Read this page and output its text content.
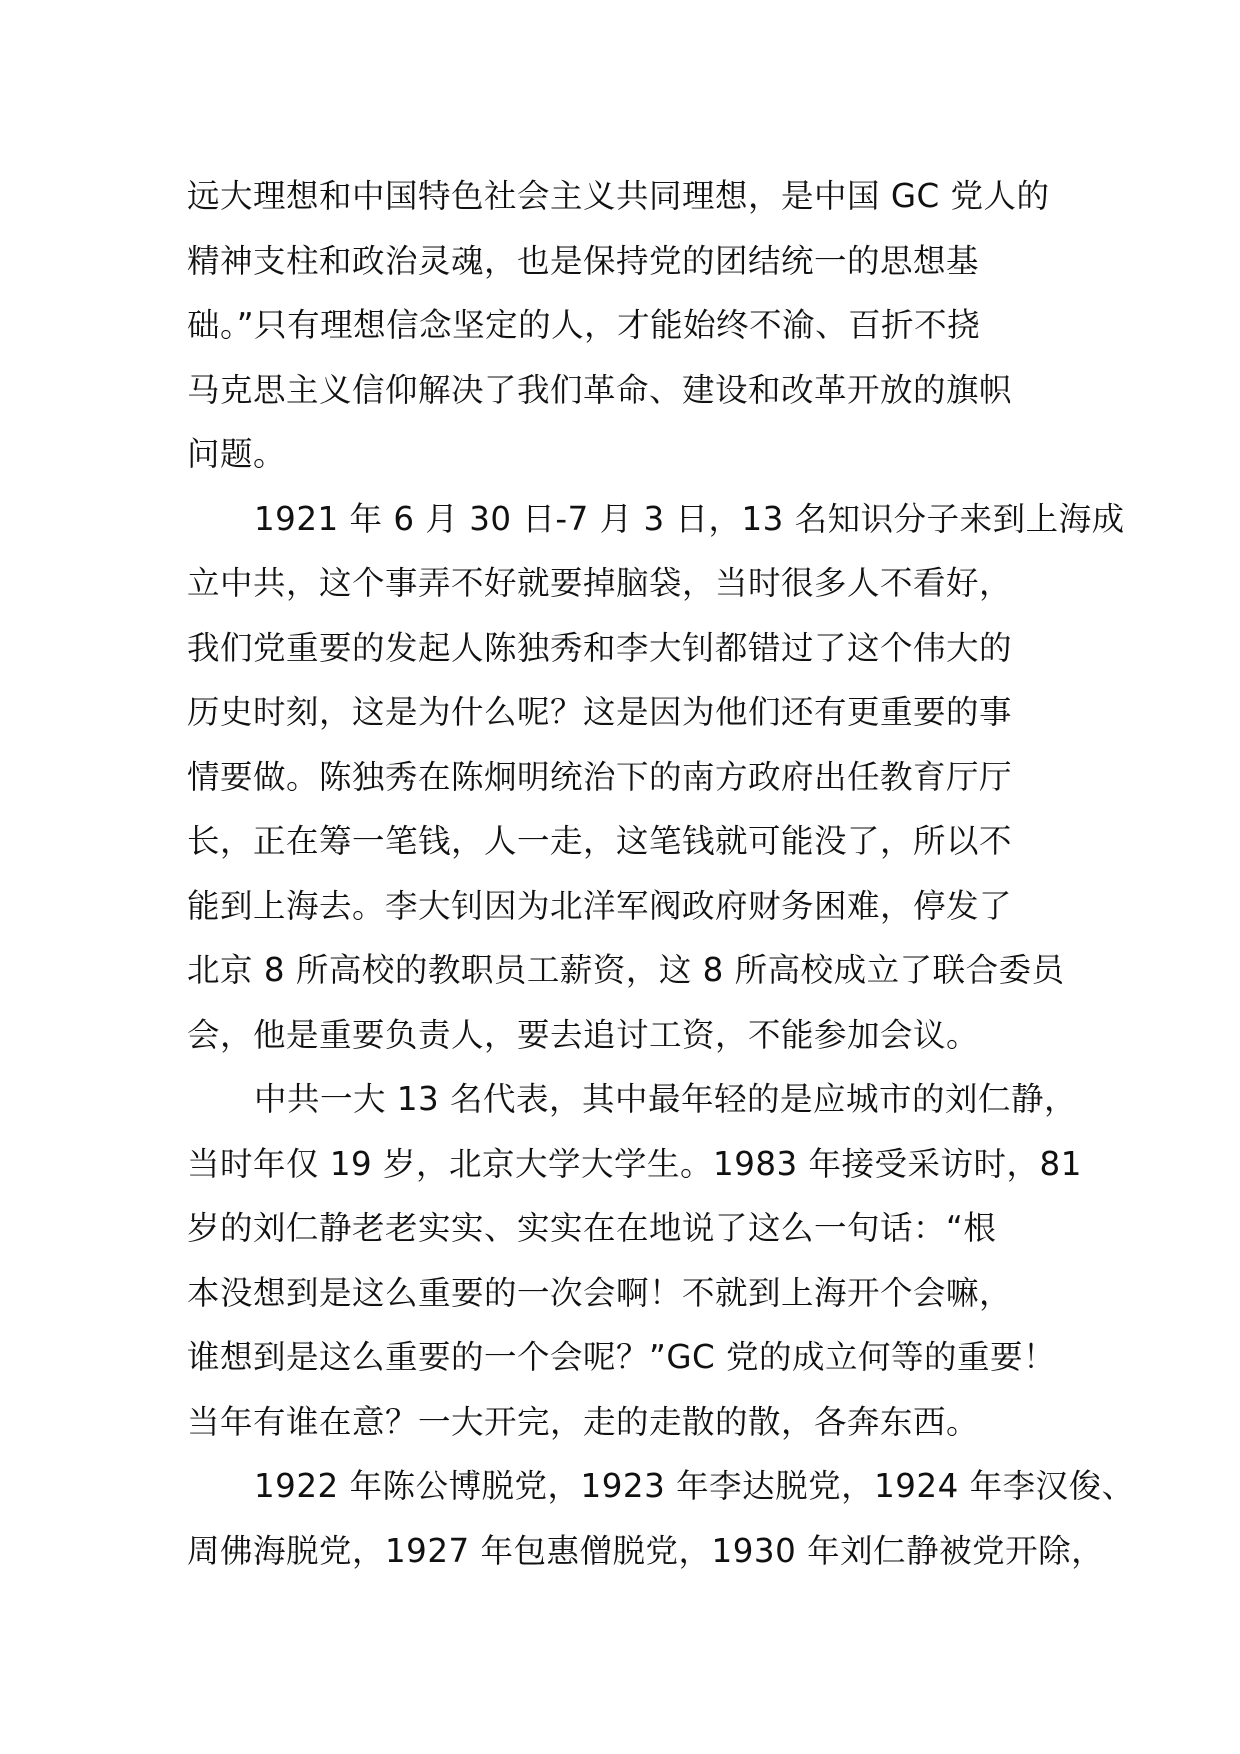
远大理想和中国特色社会主义共同理想，是中国 GC 党人的
精神支柱和政治灵魂，也是保持党的团结统一的思想基
础。”只有理想信念坚定的人，才能始终不渝、百折不挠
马克思主义信仰解决了我们革命、建设和改革开放的旗帜
问题。

1921 年 6 月 30 日-7 月 3 日，13 名知识分子来到上海成
立中共，这个事弄不好就要掉脑袋，当时很多人不看好，
我们党重要的发起人陈独秀和李大钊都错过了这个伟大的
历史时刻，这是为什么呢？这是因为他们还有更重要的事
情要做。陈独秀在陈炯明统治下的南方政府出任教育厅厅
长，正在筹一笔钱，人一走，这笔钱就可能没了，所以不
能到上海去。李大钊因为北洋军阀政府财务困难，停发了
北京 8 所高校的教职员工薪资，这 8 所高校成立了联合委员
会，他是重要负责人，要去追讨工资，不能参加会议。

中共一大 13 名代表，其中最年轻的是应城市的刘仁静，
当时年仅 19 岁，北京大学大学生。1983 年接受采访时，81
岁的刘仁静老老实实、实实在在地说了这么一句话：“根
本没想到是这么重要的一次会啊！不就到上海开个会嘛，
谁想到是这么重要的一个会呢？”GC 党的成立何等的重要！
当年有谁在意？一大开完，走的走散的散，各奔东西。

1922 年陈公博脱党，1923 年李达脱党，1924 年李汉俊、
周佛海脱党，1927 年包惠僧脱党，1930 年刘仁静被党开除，
